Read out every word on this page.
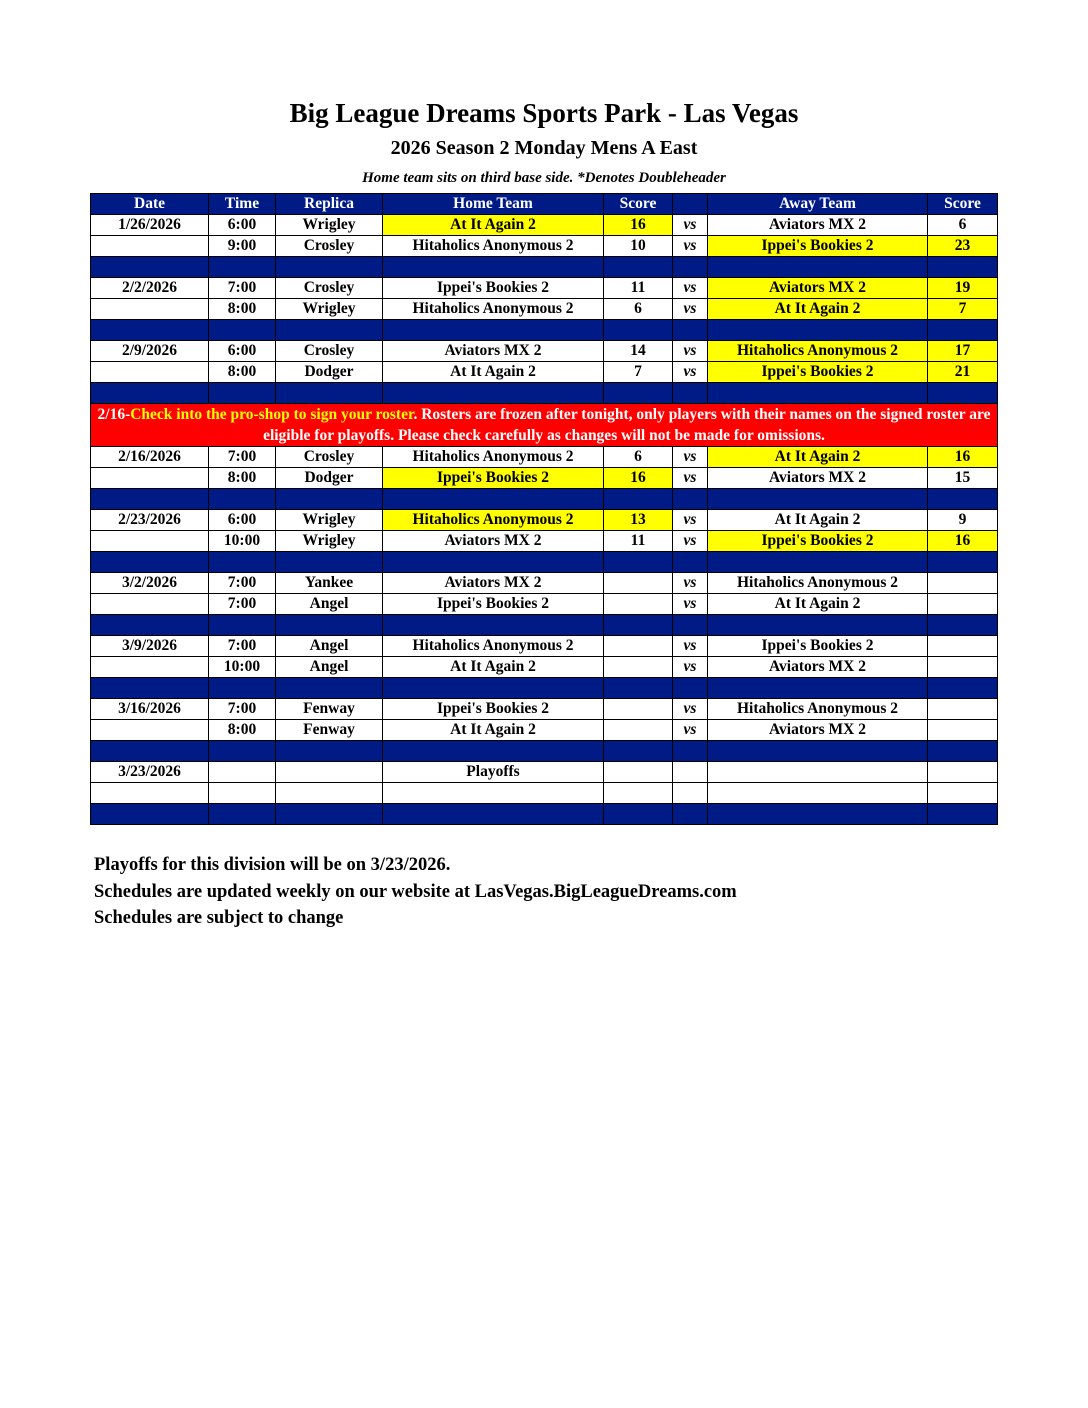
Big League Dreams Sports Park - Las Vegas
2026 Season 2 Monday Mens A East
Home team sits on third base side. *Denotes Doubleheader
Date	Time	Replica	Home Team	Score		Away Team	Score
1/26/2026	6:00	Wrigley	At It Again 2	16	vs	Aviators MX 2	6
	9:00	Crosley	Hitaholics Anonymous 2	10	vs	Ippei's Bookies 2	23

2/2/2026	7:00	Crosley	Ippei's Bookies 2	11	vs	Aviators MX 2	19
	8:00	Wrigley	Hitaholics Anonymous 2	6	vs	At It Again 2	7

2/9/2026	6:00	Crosley	Aviators MX 2	14	vs	Hitaholics Anonymous 2	17
	8:00	Dodger	At It Again 2	7	vs	Ippei's Bookies 2	21

2/16-Check into the pro-shop to sign your roster. Rosters are frozen after tonight, only players with their names on the signed roster are eligible for playoffs. Please check carefully as changes will not be made for omissions.							
2/16/2026	7:00	Crosley	Hitaholics Anonymous 2	6	vs	At It Again 2	16
	8:00	Dodger	Ippei's Bookies 2	16	vs	Aviators MX 2	15

2/23/2026	6:00	Wrigley	Hitaholics Anonymous 2	13	vs	At It Again 2	9
	10:00	Wrigley	Aviators MX 2	11	vs	Ippei's Bookies 2	16

3/2/2026	7:00	Yankee	Aviators MX 2		vs	Hitaholics Anonymous 2	
	7:00	Angel	Ippei's Bookies 2		vs	At It Again 2	

3/9/2026	7:00	Angel	Hitaholics Anonymous 2		vs	Ippei's Bookies 2	
	10:00	Angel	At It Again 2		vs	Aviators MX 2	

3/16/2026	7:00	Fenway	Ippei's Bookies 2		vs	Hitaholics Anonymous 2	
	8:00	Fenway	At It Again 2		vs	Aviators MX 2	

3/23/2026			Playoffs				

Playoffs for this division will be on 3/23/2026.
Schedules are updated weekly on our website at LasVegas.BigLeagueDreams.com
Schedules are subject to change
